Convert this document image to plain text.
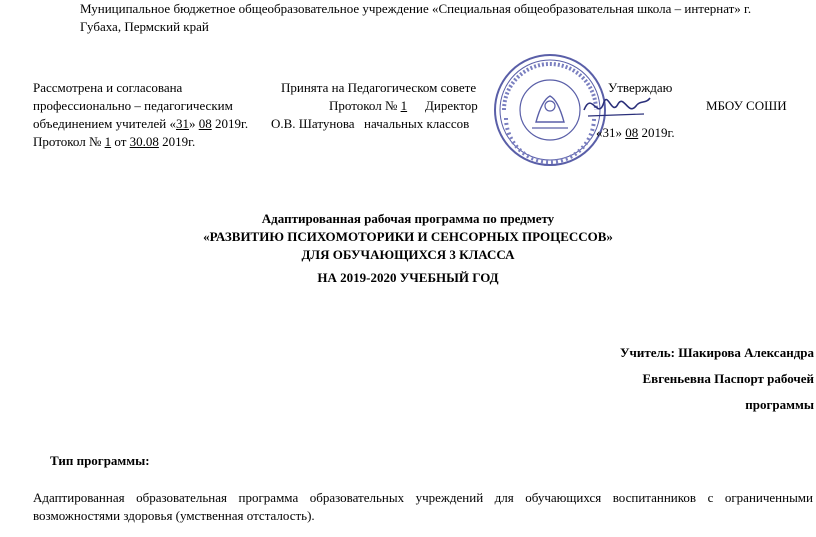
Муниципальное бюджетное общеобразовательное учреждение «Специальная общеобразовательная школа – интернат» г.
Губаха, Пермский край
Рассмотрена и согласована
профессионально – педагогическим
объединением учителей «31» 08 2019г.
Протокол № 1 от 30.08 2019г.
Принята на Педагогическом совете
Протокол № 1
О.В. Шатунова
Утверждаю
Директор	МБОУ СОШИ
начальных классов
«31» 08 2019г.
Адаптированная рабочая программа по предмету
«РАЗВИТИЮ ПСИХОМОТОРИКИ И СЕНСОРНЫХ ПРОЦЕССОВ»
ДЛЯ ОБУЧАЮЩИХСЯ 3 КЛАССА
НА 2019-2020 УЧЕБНЫЙ ГОД
Учитель: Шакирова Александра
Евгеньевна Паспорт рабочей
программы
Тип программы:
Адаптированная образовательная программа образовательных учреждений для обучающихся воспитанников с ограниченными возможностями здоровья (умственная отсталость).
